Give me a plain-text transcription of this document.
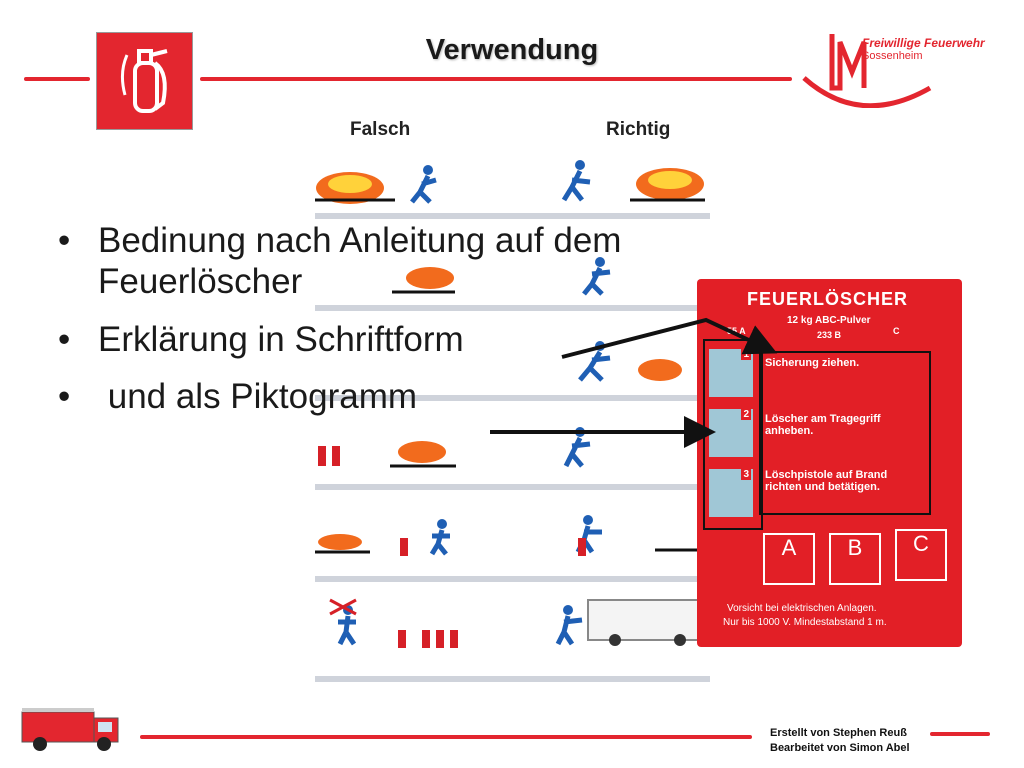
Verwendung	Freiwillige Feuerwehr
Sossenheim
Falsch	Richtig
FEUERLÖSCHER
12 kg ABC-Pulver
55 A	233 B	C
1
2
3
Sicherung ziehen.
Löscher am Tragegriff anheben.
Löschpistole auf Brand richten und betätigen.
A	B	C
Vorsicht bei elektrischen Anlagen.
Nur bis 1000 V. Mindestabstand 1 m.
• Bedinung nach Anleitung auf dem Feuerlöscher
• Erklärung in Schriftform
• und als Piktogramm
Erstellt von Stephen Reuß
Bearbeitet von Simon Abel
